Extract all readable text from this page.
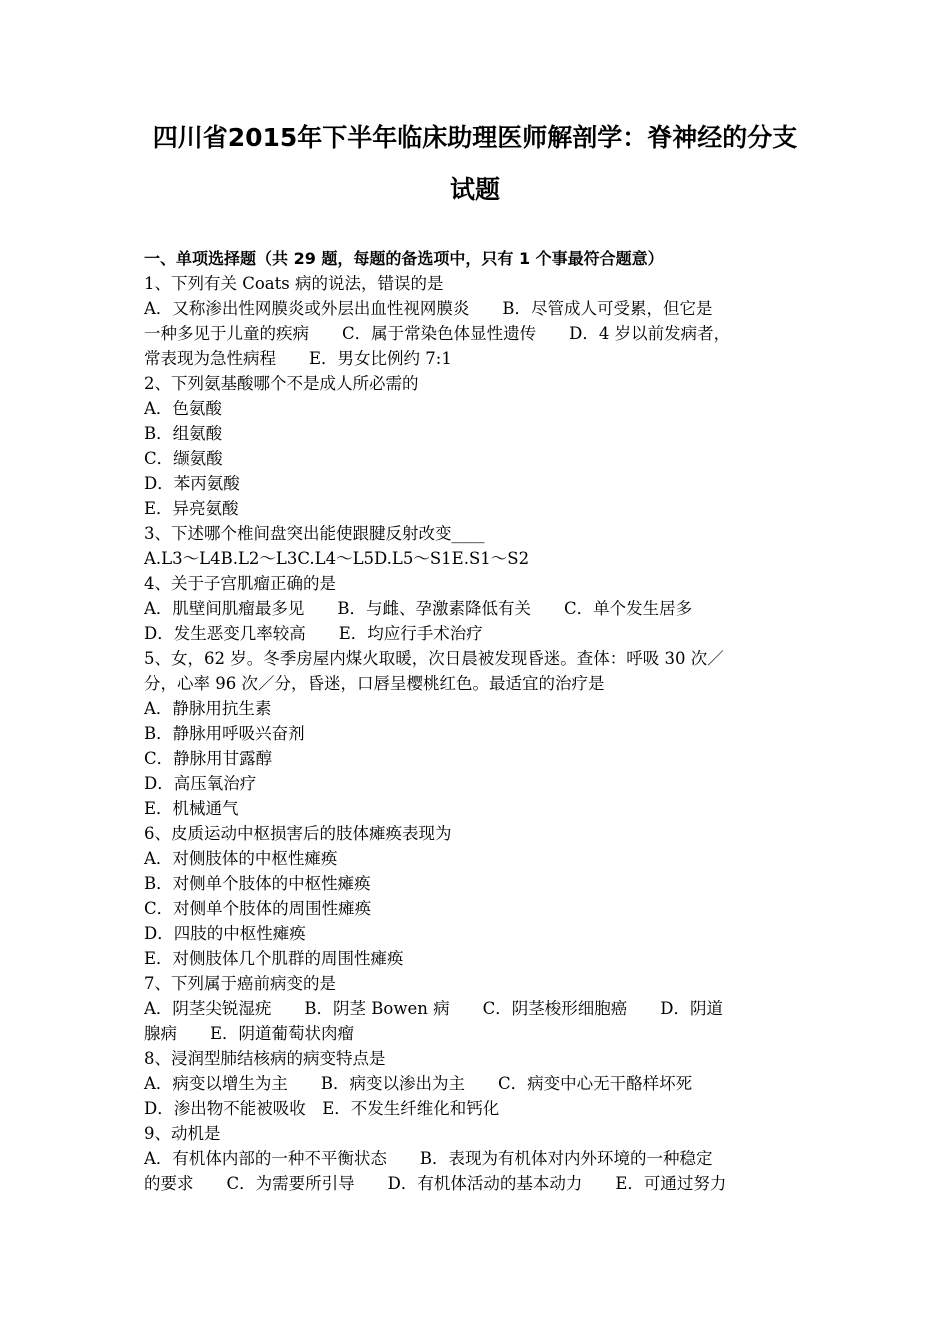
四川省2015年下半年临床助理医师解剖学：脊神经的分支
试题
一、单项选择题（共 29 题，每题的备选项中，只有 1 个事最符合题意）
1、下列有关 Coats 病的说法，错误的是
A．又称渗出性网膜炎或外层出血性视网膜炎　　B．尽管成人可受累，但它是
一种多见于儿童的疾病　　C．属于常染色体显性遗传　　D．4 岁以前发病者，
常表现为急性病程　　E．男女比例约 7:1
2、下列氨基酸哪个不是成人所必需的
A．色氨酸
B．组氨酸
C．缬氨酸
D．苯丙氨酸
E．异亮氨酸
3、下述哪个椎间盘突出能使跟腱反射改变____
A.L3～L4B.L2～L3C.L4～L5D.L5～S1E.S1～S2
4、关于子宫肌瘤正确的是
A．肌壁间肌瘤最多见　　B．与雌、孕激素降低有关　　C．单个发生居多
D．发生恶变几率较高　　E．均应行手术治疗
5、女，62 岁。冬季房屋内煤火取暖，次日晨被发现昏迷。查体：呼吸 30 次／
分，心率 96 次／分，昏迷，口唇呈樱桃红色。最适宜的治疗是
A．静脉用抗生素
B．静脉用呼吸兴奋剂
C．静脉用甘露醇
D．高压氧治疗
E．机械通气
6、皮质运动中枢损害后的肢体瘫痪表现为
A．对侧肢体的中枢性瘫痪
B．对侧单个肢体的中枢性瘫痪
C．对侧单个肢体的周围性瘫痪
D．四肢的中枢性瘫痪
E．对侧肢体几个肌群的周围性瘫痪
7、下列属于癌前病变的是
A．阴茎尖锐湿疣　　B．阴茎 Bowen 病　　C．阴茎梭形细胞癌　　D．阴道
腺病　　E．阴道葡萄状肉瘤
8、浸润型肺结核病的病变特点是
A．病变以增生为主　　B．病变以渗出为主　　C．病变中心无干酪样坏死
D．渗出物不能被吸收　E．不发生纤维化和钙化
9、动机是
A．有机体内部的一种不平衡状态　　B．表现为有机体对内外环境的一种稳定
的要求　　C．为需要所引导　　D．有机体活动的基本动力　　E．可通过努力
